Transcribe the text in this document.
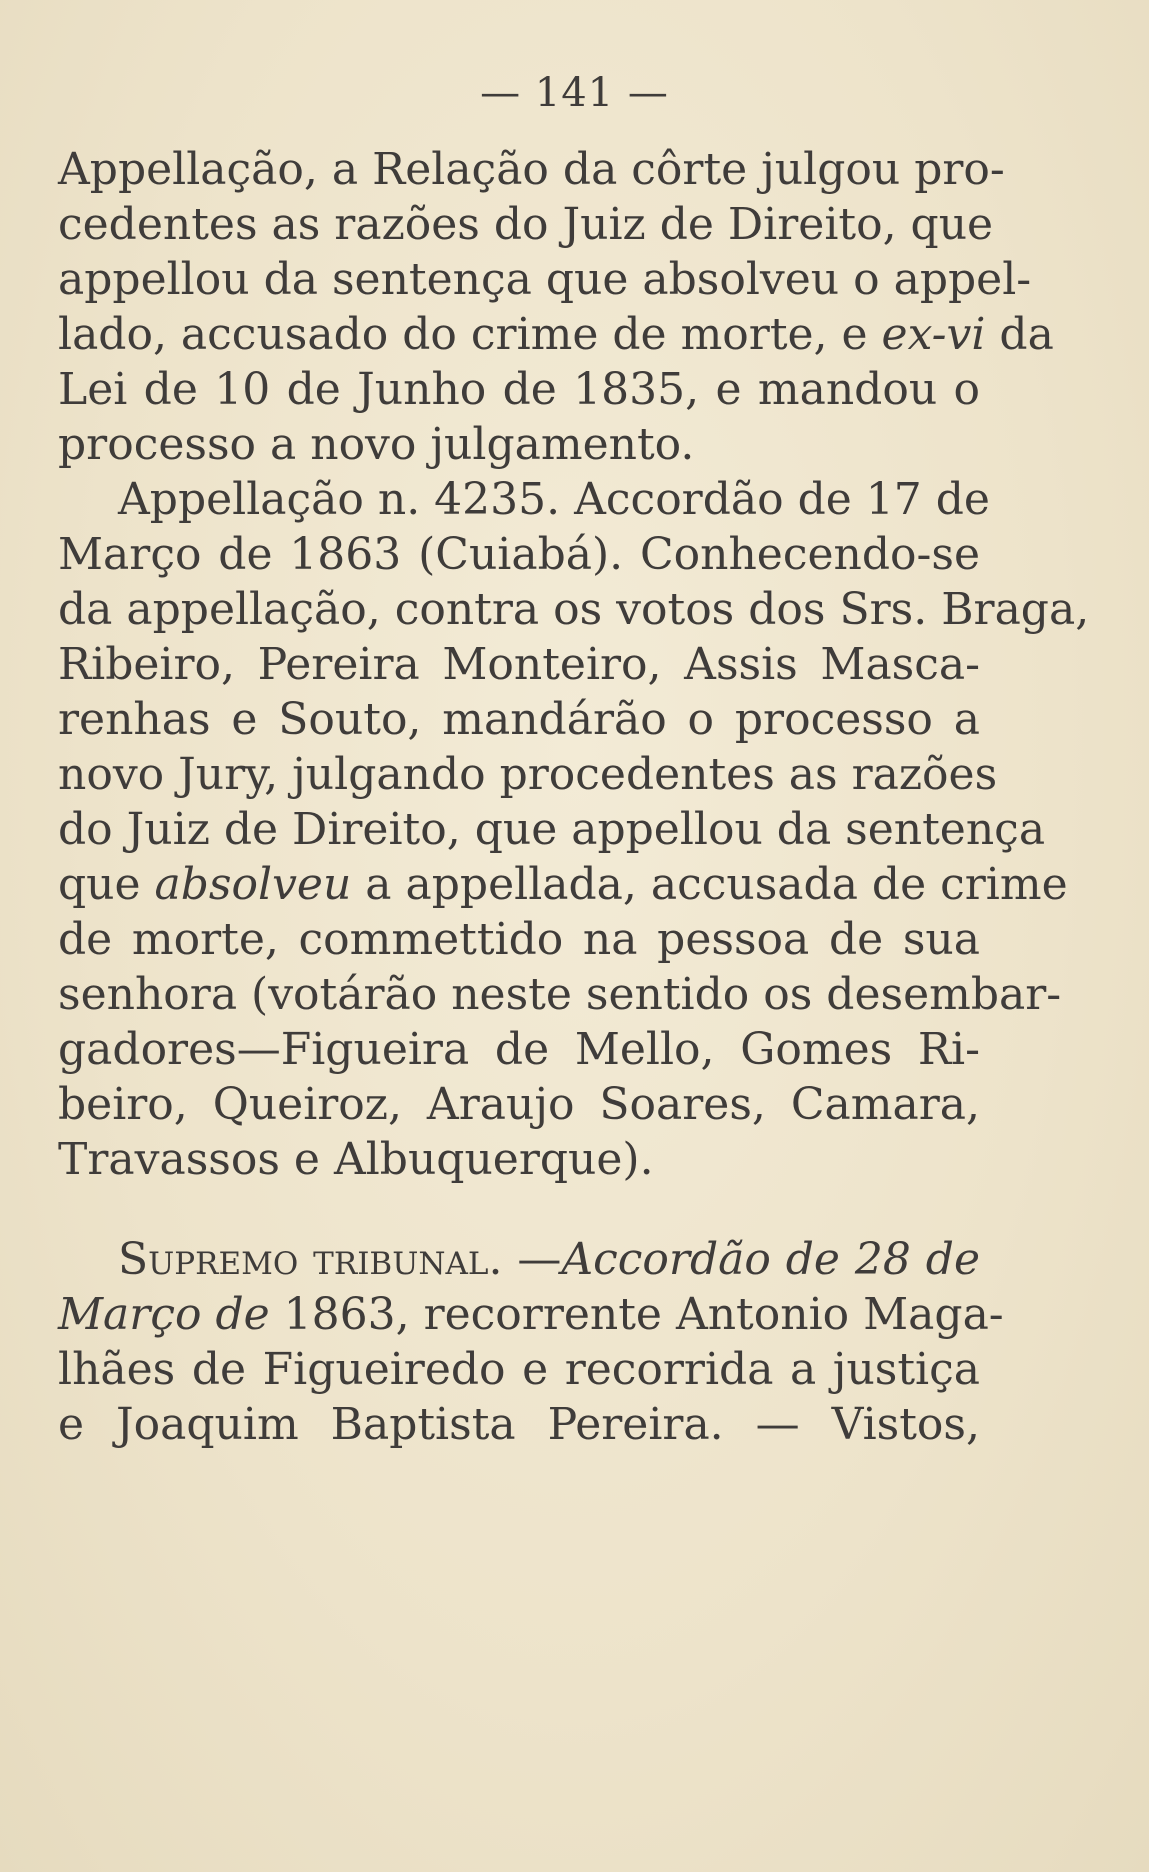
— 141 —
Appellação, a Relação da côrte julgou pro-
cedentes as razões do Juiz de Direito, que
appellou da sentença que absolveu o appel-
lado, accusado do crime de morte, e ex-vi da
Lei de 10 de Junho de 1835, e mandou o
processo a novo julgamento.
Appellação n. 4235. Accordão de 17 de
Março de 1863 (Cuiabá). Conhecendo-se
da appellação, contra os votos dos Srs. Braga,
Ribeiro, Pereira Monteiro, Assis Masca-
renhas e Souto, mandárão o processo a
novo Jury, julgando procedentes as razões
do Juiz de Direito, que appellou da sentença
que absolveu a appellada, accusada de crime
de morte, commettido na pessoa de sua
senhora (votárão neste sentido os desembar-
gadores—Figueira de Mello, Gomes Ri-
beiro, Queiroz, Araujo Soares, Camara,
Travassos e Albuquerque).
Supremo tribunal. —Accordão de 28 de
Março de 1863, recorrente Antonio Maga-
lhães de Figueiredo e recorrida a justiça
e Joaquim Baptista Pereira. — Vistos,
